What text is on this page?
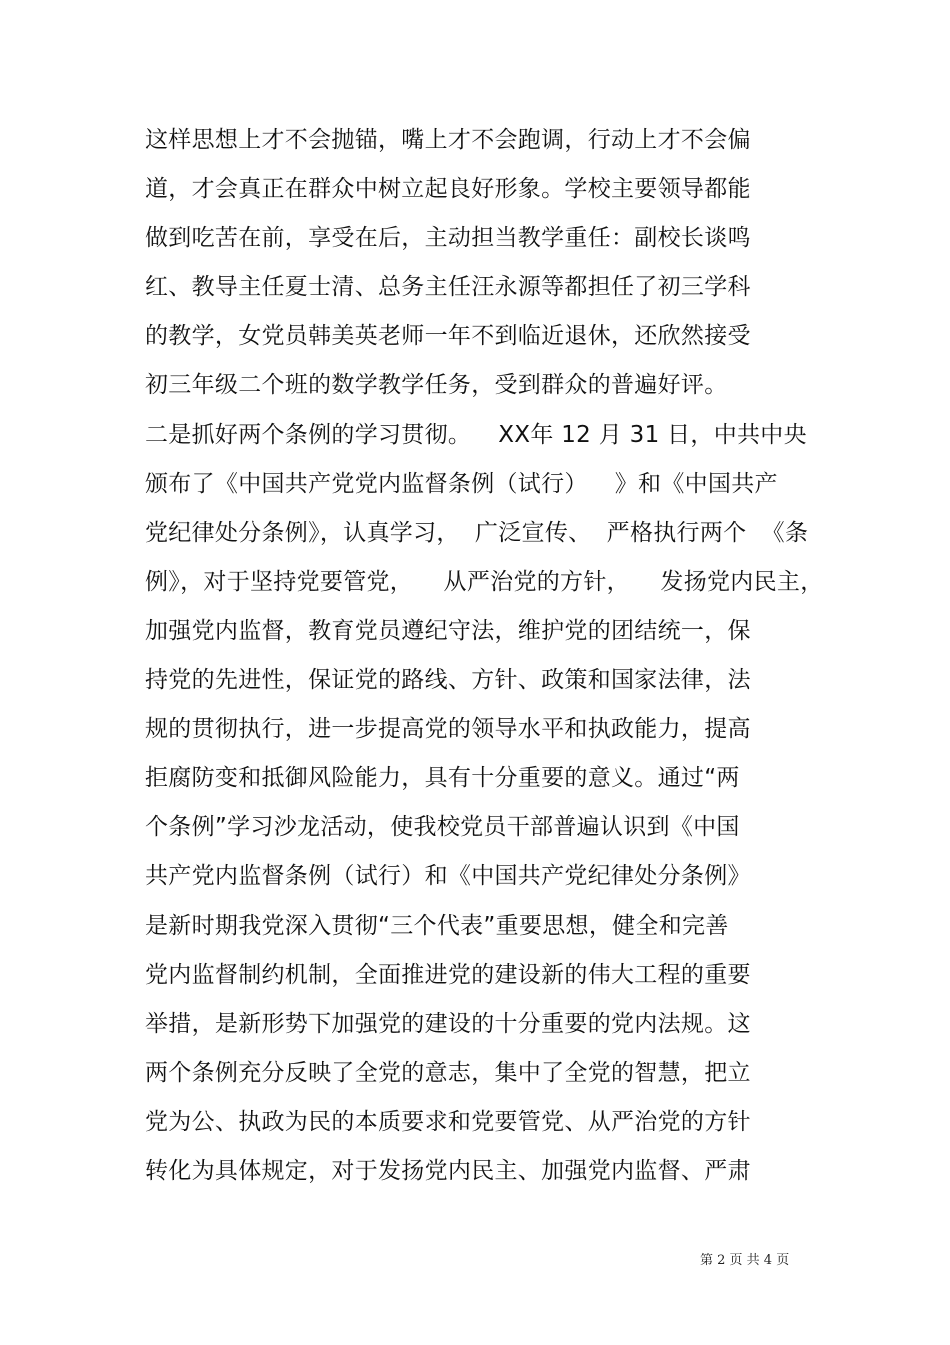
这样思想上才不会抛锚，嘴上才不会跑调，行动上才不会偏
道，才会真正在群众中树立起良好形象。学校主要领导都能
做到吃苦在前，享受在后，主动担当教学重任：副校长谈鸣
红、教导主任夏士清、总务主任汪永源等都担任了初三学科
的教学，女党员韩美英老师一年不到临近退休，还欣然接受
初三年级二个班的数学教学任务，受到群众的普遍好评。
二是抓好两个条例的学习贯彻。　  XX年 12 月 31 日，中共中央
颁布了《中国共产党党内监督条例（试行）　  》和《中国共产
党纪律处分条例》，认真学习，  广泛宣传、  严格执行两个  《条
例》，对于坚持党要管党，    从严治党的方针，    发扬党内民主，
加强党内监督，教育党员遵纪守法，维护党的团结统一，保
持党的先进性，保证党的路线、方针、政策和国家法律，法
规的贯彻执行，进一步提高党的领导水平和执政能力，提高
拒腐防变和抵御风险能力，具有十分重要的意义。通过“两
个条例”学习沙龙活动，使我校党员干部普遍认识到《中国
共产党内监督条例（试行）和《中国共产党纪律处分条例》
是新时期我党深入贯彻“三个代表”重要思想，健全和完善
党内监督制约机制，全面推进党的建设新的伟大工程的重要
举措，是新形势下加强党的建设的十分重要的党内法规。这
两个条例充分反映了全党的意志，集中了全党的智慧，把立
党为公、执政为民的本质要求和党要管党、从严治党的方针
转化为具体规定，对于发扬党内民主、加强党内监督、严肃
第 2 页 共 4 页
